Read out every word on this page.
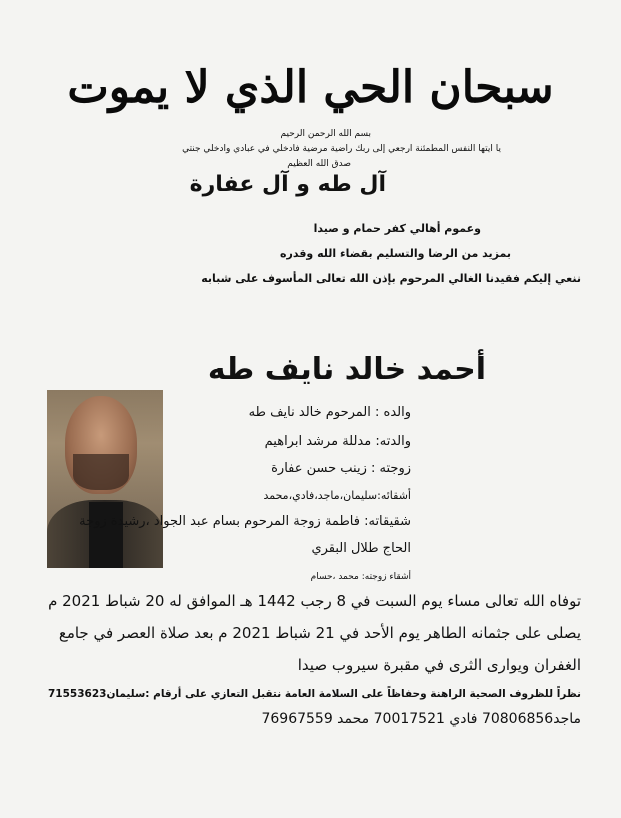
سبحان الحي الذي لا يموت
بسم الله الرحمن الرحيم
يا ايتها النفس المطمئنة ارجعي إلى ربك راضية مرضية فادخلي في عبادي وادخلي جنتي
صدق الله العظيم
آل طه و آل عفارة
وعموم أهالي كفر حمام و صيدا
بمزيد من الرضا والتسليم بقضاء الله وقدره
ننعي إليكم فقيدنا الغالي المرحوم بإذن الله تعالى المأسوف على شبابه
أحمد خالد نايف طه
والده : المرحوم خالد نايف طه
والدته: مدللة مرشد ابراهيم
زوجته : زينب حسن عفارة
أشقائه:سليمان،ماجد،فادي،محمد
شقيقاته: فاطمة زوجة المرحوم بسام عبد الجواد ،رشيدة زوجة
الحاج طلال البقري
أشقاء زوجته: محمد ،حسام
توفاه الله تعالى مساء يوم السبت في 8 رجب 1442 هـ الموافق له 20 شباط 2021 م
يصلى على جثمانه الطاهر يوم الأحد في 21 شباط 2021 م بعد صلاة العصر في جامع
الغفران ويوارى الثرى في مقبرة سيروب صيدا
نظراً للظروف الصحية الراهنة وحفاظاً على السلامة العامة نتقبل التعازي على أرقام :سليمان71553623
ماجد70806856 فادي 70017521 محمد 76967559
